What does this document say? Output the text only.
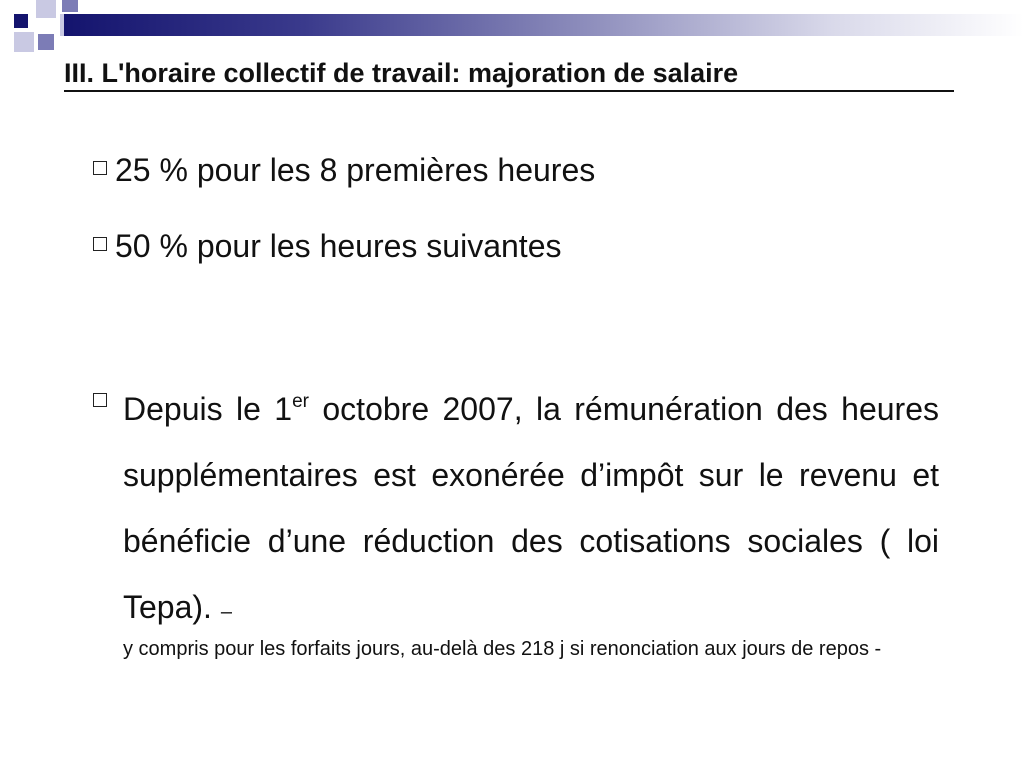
III. L'horaire collectif de travail: majoration de salaire
25 % pour les 8 premières heures
50 % pour les heures suivantes
Depuis le 1er octobre 2007, la rémunération des heures supplémentaires est exonérée d’impôt sur le revenu et bénéficie d’une réduction des cotisations sociales ( loi Tepa). –
y compris pour les forfaits jours, au-delà des 218 j si renonciation aux jours de repos -
